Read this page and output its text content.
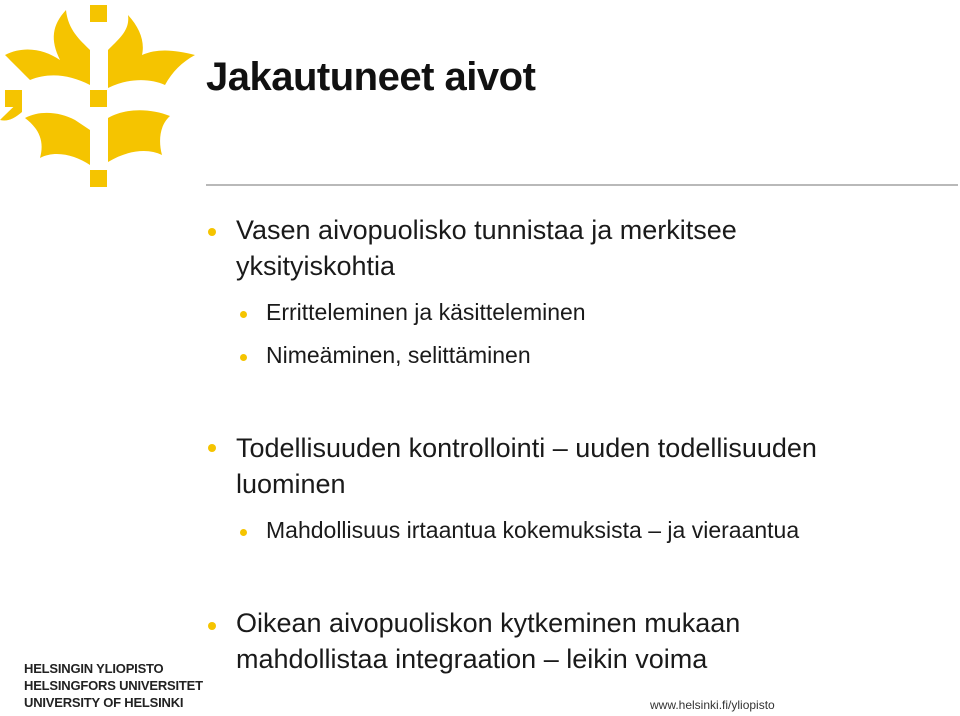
Jakautuneet aivot
Vasen aivopuolisko tunnistaa ja merkitsee yksityiskohtia
Erritteleminen ja käsitteleminen
Nimeäminen, selittäminen
Todellisuuden kontrollointi – uuden todellisuuden luominen
Mahdollisuus irtaantua kokemuksista – ja vieraantua
Oikean aivopuoliskon kytkeminen mukaan mahdollistaa integraation – leikin voima
HELSINGIN YLIOPISTO
HELSINGFORS UNIVERSITET
UNIVERSITY OF HELSINKI	www.helsinki.fi/yliopisto
